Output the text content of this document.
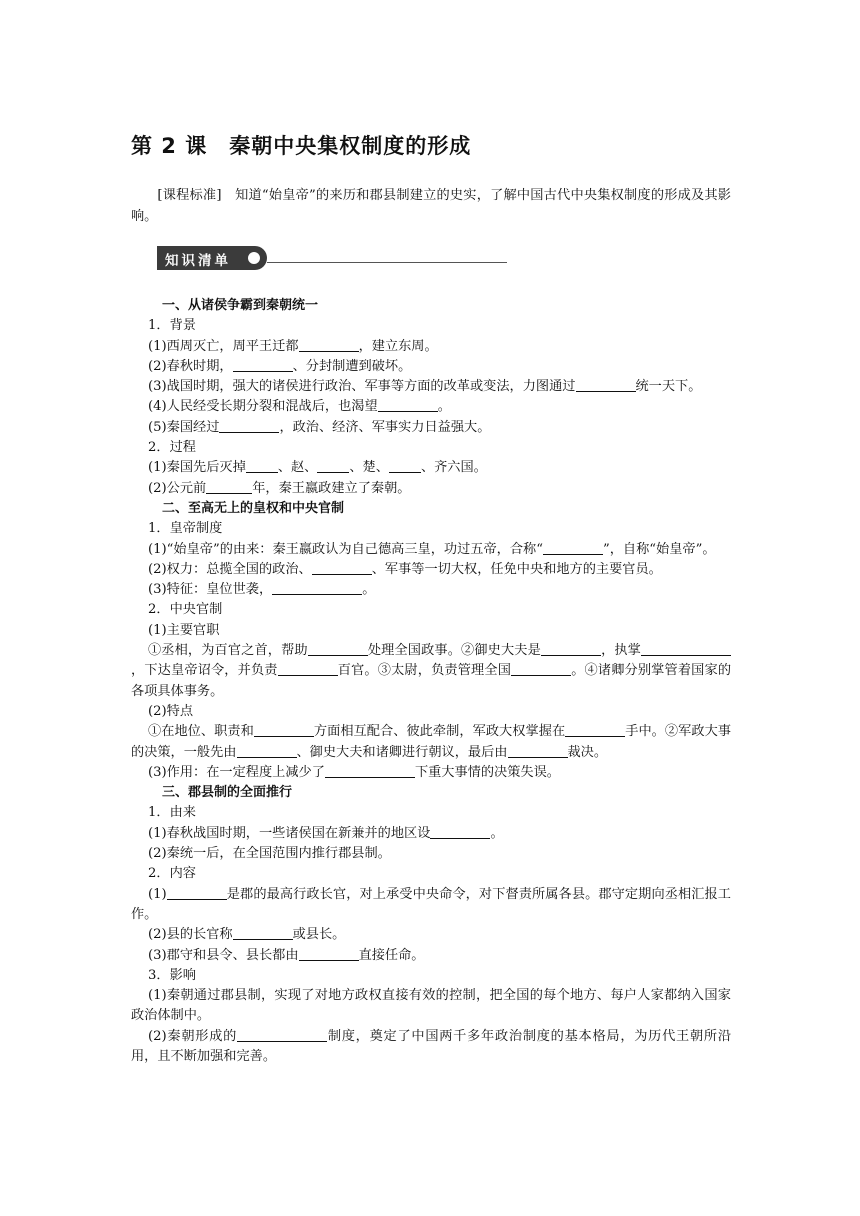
第 2 课　秦朝中央集权制度的形成

[课程标准]　知道“始皇帝”的来历和郡县制建立的史实，了解中国古代中央集权制度的形成及其影响。

知识清单

一、从诸侯争霸到秦朝统一

1．背景

(1)西周灭亡，周平王迁都	，建立东周。

(2)春秋时期，	、分封制遭到破坏。

(3)战国时期，强大的诸侯进行政治、军事等方面的改革或变法，力图通过	统一天下。

(4)人民经受长期分裂和混战后，也渴望	。

(5)秦国经过	，政治、经济、军事实力日益强大。

2．过程

(1)秦国先后灭掉 、赵、 、楚、 、齐六国。

(2)公元前	年，秦王嬴政建立了秦朝。

二、至高无上的皇权和中央官制

1．皇帝制度

(1)“始皇帝”的由来：秦王嬴政认为自己德高三皇，功过五帝，合称“	”，自称“始皇帝”。

(2)权力：总揽全国的政治、	、军事等一切大权，任免中央和地方的主要官员。

(3)特征：皇位世袭，	。

2．中央官制

(1)主要官职

①丞相，为百官之首，帮助	处理全国政事。②御史大夫是	，执掌，下达皇帝诏令，并负责	百官。③太尉，负责管理全国	。④诸卿分别掌管着国家的各项具体事务。

(2)特点

①在地位、职责和	方面相互配合、彼此牵制，军政大权掌握在	手中。②军政大事的决策，一般先由	、御史大夫和诸卿进行朝议，最后由	裁决。

(3)作用：在一定程度上减少了	下重大事情的决策失误。

三、郡县制的全面推行

1．由来

(1)春秋战国时期，一些诸侯国在新兼并的地区设	。

(2)秦统一后，在全国范围内推行郡县制。

2．内容

(1)	是郡的最高行政长官，对上承受中央命令，对下督责所属各县。郡守定期向丞相汇报工作。

(2)县的长官称	或县长。

(3)郡守和县令、县长都由	直接任命。

3．影响

(1)秦朝通过郡县制，实现了对地方政权直接有效的控制，把全国的每个地方、每户人家都纳入国家政治体制中。

(2)秦朝形成的	制度，奠定了中国两千多年政治制度的基本格局，为历代王朝所沿用，且不断加强和完善。
